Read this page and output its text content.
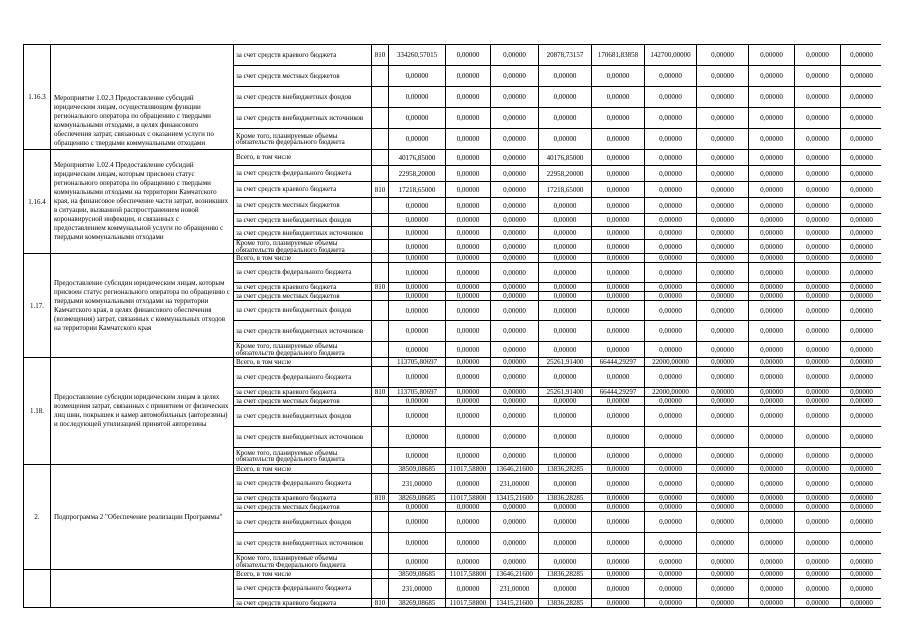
1.16.3	Мероприятие 1.02.3 Предоставление субсидий юридическим лицам, осуществляющим функции регионального оператора по обращению с твердыми коммунальными отходами, в целях финансового обеспечения затрат, связанных с оказанием услуги по обращению с твердыми коммунальными отходами	за счет средств краевого бюджета	810	334260,57015	0,00000	0,00000	20878,73157	170681,83858	142700,00000	0,00000	0,00000	0,00000	0,00000
		за счет средств местных бюджетов		0,00000	0,00000	0,00000	0,00000	0,00000	0,00000	0,00000	0,00000	0,00000	0,00000
		за счет средств внебюджетных фондов		0,00000	0,00000	0,00000	0,00000	0,00000	0,00000	0,00000	0,00000	0,00000	0,00000
		за счет средств внебюджетных источников		0,00000	0,00000	0,00000	0,00000	0,00000	0,00000	0,00000	0,00000	0,00000	0,00000
		Кроме того, планируемые объемы обязательств федерального бюджета		0,00000	0,00000	0,00000	0,00000	0,00000	0,00000	0,00000	0,00000	0,00000	0,00000
1.16.4	Мероприятие 1.02.4 Предоставление субсидий юридическим лицам, которым присвоен статус регионального оператора по обращению с твердыми коммунальными отходами на территории Камчатского края, на финансовое обеспечение части затрат, возникших в ситуации, вызванной распространением новой коронавирусной инфекции, и связанных с предоставлением коммунальной услуги по обращению с твердыми коммунальными отходами	Всего, в том числе		40176,85000	0,00000	0,00000	40176,85000	0,00000	0,00000	0,00000	0,00000	0,00000	0,00000
		за счет средств федерального бюджета		22958,20000	0,00000	0,00000	22958,20000	0,00000	0,00000	0,00000	0,00000	0,00000	0,00000
		за счет средств краевого бюджета	810	17218,65000	0,00000	0,00000	17218,65000	0,00000	0,00000	0,00000	0,00000	0,00000	0,00000
		за счет средств местных бюджетов		0,00000	0,00000	0,00000	0,00000	0,00000	0,00000	0,00000	0,00000	0,00000	0,00000
		за счет средств внебюджетных фондов		0,00000	0,00000	0,00000	0,00000	0,00000	0,00000	0,00000	0,00000	0,00000	0,00000
		за счет средств внебюджетных источников		0,00000	0,00000	0,00000	0,00000	0,00000	0,00000	0,00000	0,00000	0,00000	0,00000
		Кроме того, планируемые объемы обязательств федерального бюджета		0,00000	0,00000	0,00000	0,00000	0,00000	0,00000	0,00000	0,00000	0,00000	0,00000
1.17.	Предоставление субсидии юридическим лицам, которым присвоен статус регионального оператора по обращению с твердыми коммунальными отходами на территории Камчатского края, в целях финансового обеспечения (возмещения) затрат, связанных с коммунальных отходов на территории Камчатского края	Всего, в том числе		0,00000	0,00000	0,00000	0,00000	0,00000	0,00000	0,00000	0,00000	0,00000	0,00000
		за счет средств федерального бюджета		0,00000	0,00000	0,00000	0,00000	0,00000	0,00000	0,00000	0,00000	0,00000	0,00000
		за счет средств краевого бюджета	810	0,00000	0,00000	0,00000	0,00000	0,00000	0,00000	0,00000	0,00000	0,00000	0,00000
		за счет средств местных бюджетов		0,00000	0,00000	0,00000	0,00000	0,00000	0,00000	0,00000	0,00000	0,00000	0,00000
		за счет средств внебюджетных фондов		0,00000	0,00000	0,00000	0,00000	0,00000	0,00000	0,00000	0,00000	0,00000	0,00000
		за счет средств внебюджетных источников		0,00000	0,00000	0,00000	0,00000	0,00000	0,00000	0,00000	0,00000	0,00000	0,00000
		Кроме того, планируемые объемы обязательств федерального бюджета		0,00000	0,00000	0,00000	0,00000	0,00000	0,00000	0,00000	0,00000	0,00000	0,00000
1.18.	Предоставление субсидии юридическим лицам в целях возмещения затрат, связанных с принятием от физических лиц шин, покрышек и камер автомобильных (авторезины) и последующей утилизацией принятой авторезины	Всего, в том числе		113705,80697	0,00000	0,00000	25261,91400	66444,29297	22000,00000	0,00000	0,00000	0,00000	0,00000
		за счет средств федерального бюджета		0,00000	0,00000	0,00000	0,00000	0,00000	0,00000	0,00000	0,00000	0,00000	0,00000
		за счет средств краевого бюджета	810	113705,80697	0,00000	0,00000	25261,91400	66444,29297	22000,00000	0,00000	0,00000	0,00000	0,00000
		за счет средств местных бюджетов		0,00000	0,00000	0,00000	0,00000	0,00000	0,00000	0,00000	0,00000	0,00000	0,00000
		за счет средств внебюджетных фондов		0,00000	0,00000	0,00000	0,00000	0,00000	0,00000	0,00000	0,00000	0,00000	0,00000
		за счет средств внебюджетных источников		0,00000	0,00000	0,00000	0,00000	0,00000	0,00000	0,00000	0,00000	0,00000	0,00000
		Кроме того, планируемые объемы обязательств федерального бюджета		0,00000	0,00000	0,00000	0,00000	0,00000	0,00000	0,00000	0,00000	0,00000	0,00000
2.	Подпрограмма 2 "Обеспечение реализации Программы"	Всего, в том числе		38509,08685	11017,58800	13646,21600	13836,28285	0,00000	0,00000	0,00000	0,00000	0,00000	0,00000
		за счет средств федерального бюджета		231,00000	0,00000	231,00000	0,00000	0,00000	0,00000	0,00000	0,00000	0,00000	0,00000
		за счет средств краевого бюджета	810	38269,08685	11017,58800	13415,21600	13836,28285	0,00000	0,00000	0,00000	0,00000	0,00000	0,00000
		за счет средств местных бюджетов		0,00000	0,00000	0,00000	0,00000	0,00000	0,00000	0,00000	0,00000	0,00000	0,00000
		за счет средств внебюджетных фондов		0,00000	0,00000	0,00000	0,00000	0,00000	0,00000	0,00000	0,00000	0,00000	0,00000
		за счет средств внебюджетных источников		0,00000	0,00000	0,00000	0,00000	0,00000	0,00000	0,00000	0,00000	0,00000	0,00000
		Кроме того, планируемые объемы обязательств Федерального бюджета		0,00000	0,00000	0,00000	0,00000	0,00000	0,00000	0,00000	0,00000	0,00000	0,00000
		Всего, в том числе		38509,08685	11017,58800	13646,21600	13836,28285	0,00000	0,00000	0,00000	0,00000	0,00000	0,00000
		за счет средств федерального бюджета		231,00000	0,00000	231,00000	0,00000	0,00000	0,00000	0,00000	0,00000	0,00000	0,00000
		за счет средств краевого бюджета	810	38269,08685	11017,58800	13415,21600	13836,28285	0,00000	0,00000	0,00000	0,00000	0,00000	0,00000
